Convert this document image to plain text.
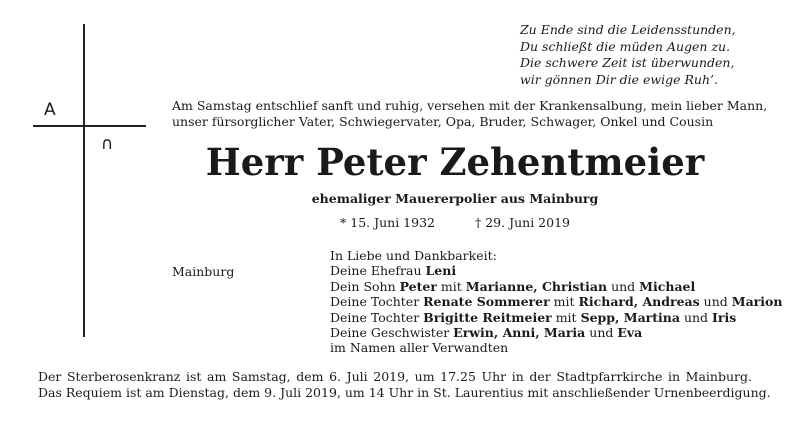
Zu Ende sind die Leidensstunden,
Du schließt die müden Augen zu.
Die schwere Zeit ist überwunden,
wir gönnen Dir die ewige Ruh’.
A
∩
Am Samstag entschlief sanft und ruhig, versehen mit der Krankensalbung, mein lieber Mann,
unser fürsorglicher Vater, Schwiegervater, Opa, Bruder, Schwager, Onkel und Cousin
Herr Peter Zehentmeier
ehemaliger Mauererpolier aus Mainburg
* 15. Juni 1932	† 29. Juni 2019
Mainburg
In Liebe und Dankbarkeit:
Deine Ehefrau Leni
Dein Sohn Peter mit Marianne, Christian und Michael
Deine Tochter Renate Sommerer mit Richard, Andreas und Marion
Deine Tochter Brigitte Reitmeier mit Sepp, Martina und Iris
Deine Geschwister Erwin, Anni, Maria und Eva
im Namen aller Verwandten
Der Sterberosenkranz ist am Samstag, dem 6. Juli 2019, um 17.25 Uhr in der Stadtpfarrkirche in Mainburg.
Das Requiem ist am Dienstag, dem 9. Juli 2019, um 14 Uhr in St. Laurentius mit anschließender Urnenbeerdigung.
